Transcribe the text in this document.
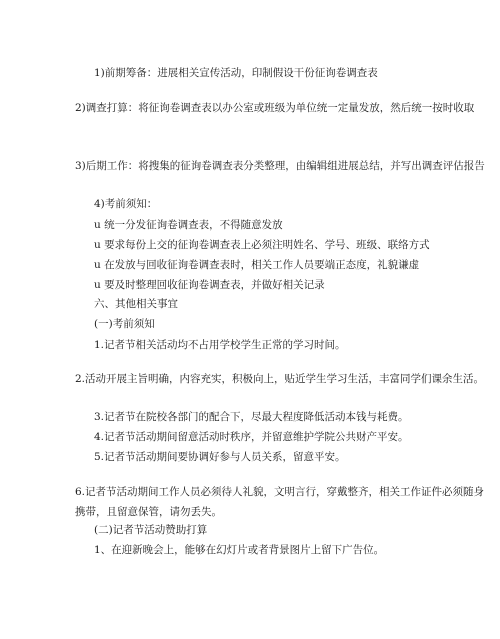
1)前期筹备：进展相关宣传活动，印制假设干份征询卷调查表
2)调查打算：将征询卷调查表以办公室或班级为单位统一定量发放，然后统一按时收取
3)后期工作：将搜集的征询卷调查表分类整理，由编辑组进展总结，并写出调查评估报告
4)考前须知：
u 统一分发征询卷调查表，不得随意发放
u 要求每份上交的征询卷调查表上必须注明姓名、学号、班级、联络方式
u 在发放与回收征询卷调查表时，相关工作人员要端正态度，礼貌谦虚
u 要及时整理回收征询卷调查表，并做好相关记录
六、其他相关事宜
(一)考前须知
1.记者节相关活动均不占用学校学生正常的学习时间。
2.活动开展主旨明确，内容充实，积极向上，贴近学生学习生活，丰富同学们课余生活。
3.记者节在院校各部门的配合下，尽最大程度降低活动本钱与耗费。
4.记者节活动期间留意活动时秩序，并留意维护学院公共财产平安。
5.记者节活动期间要协调好参与人员关系，留意平安。
6.记者节活动期间工作人员必须待人礼貌，文明言行，穿戴整齐，相关工作证件必须随身携带，且留意保管，请勿丢失。
(二)记者节活动赞助打算
1、在迎新晚会上，能够在幻灯片或者背景图片上留下广告位。
